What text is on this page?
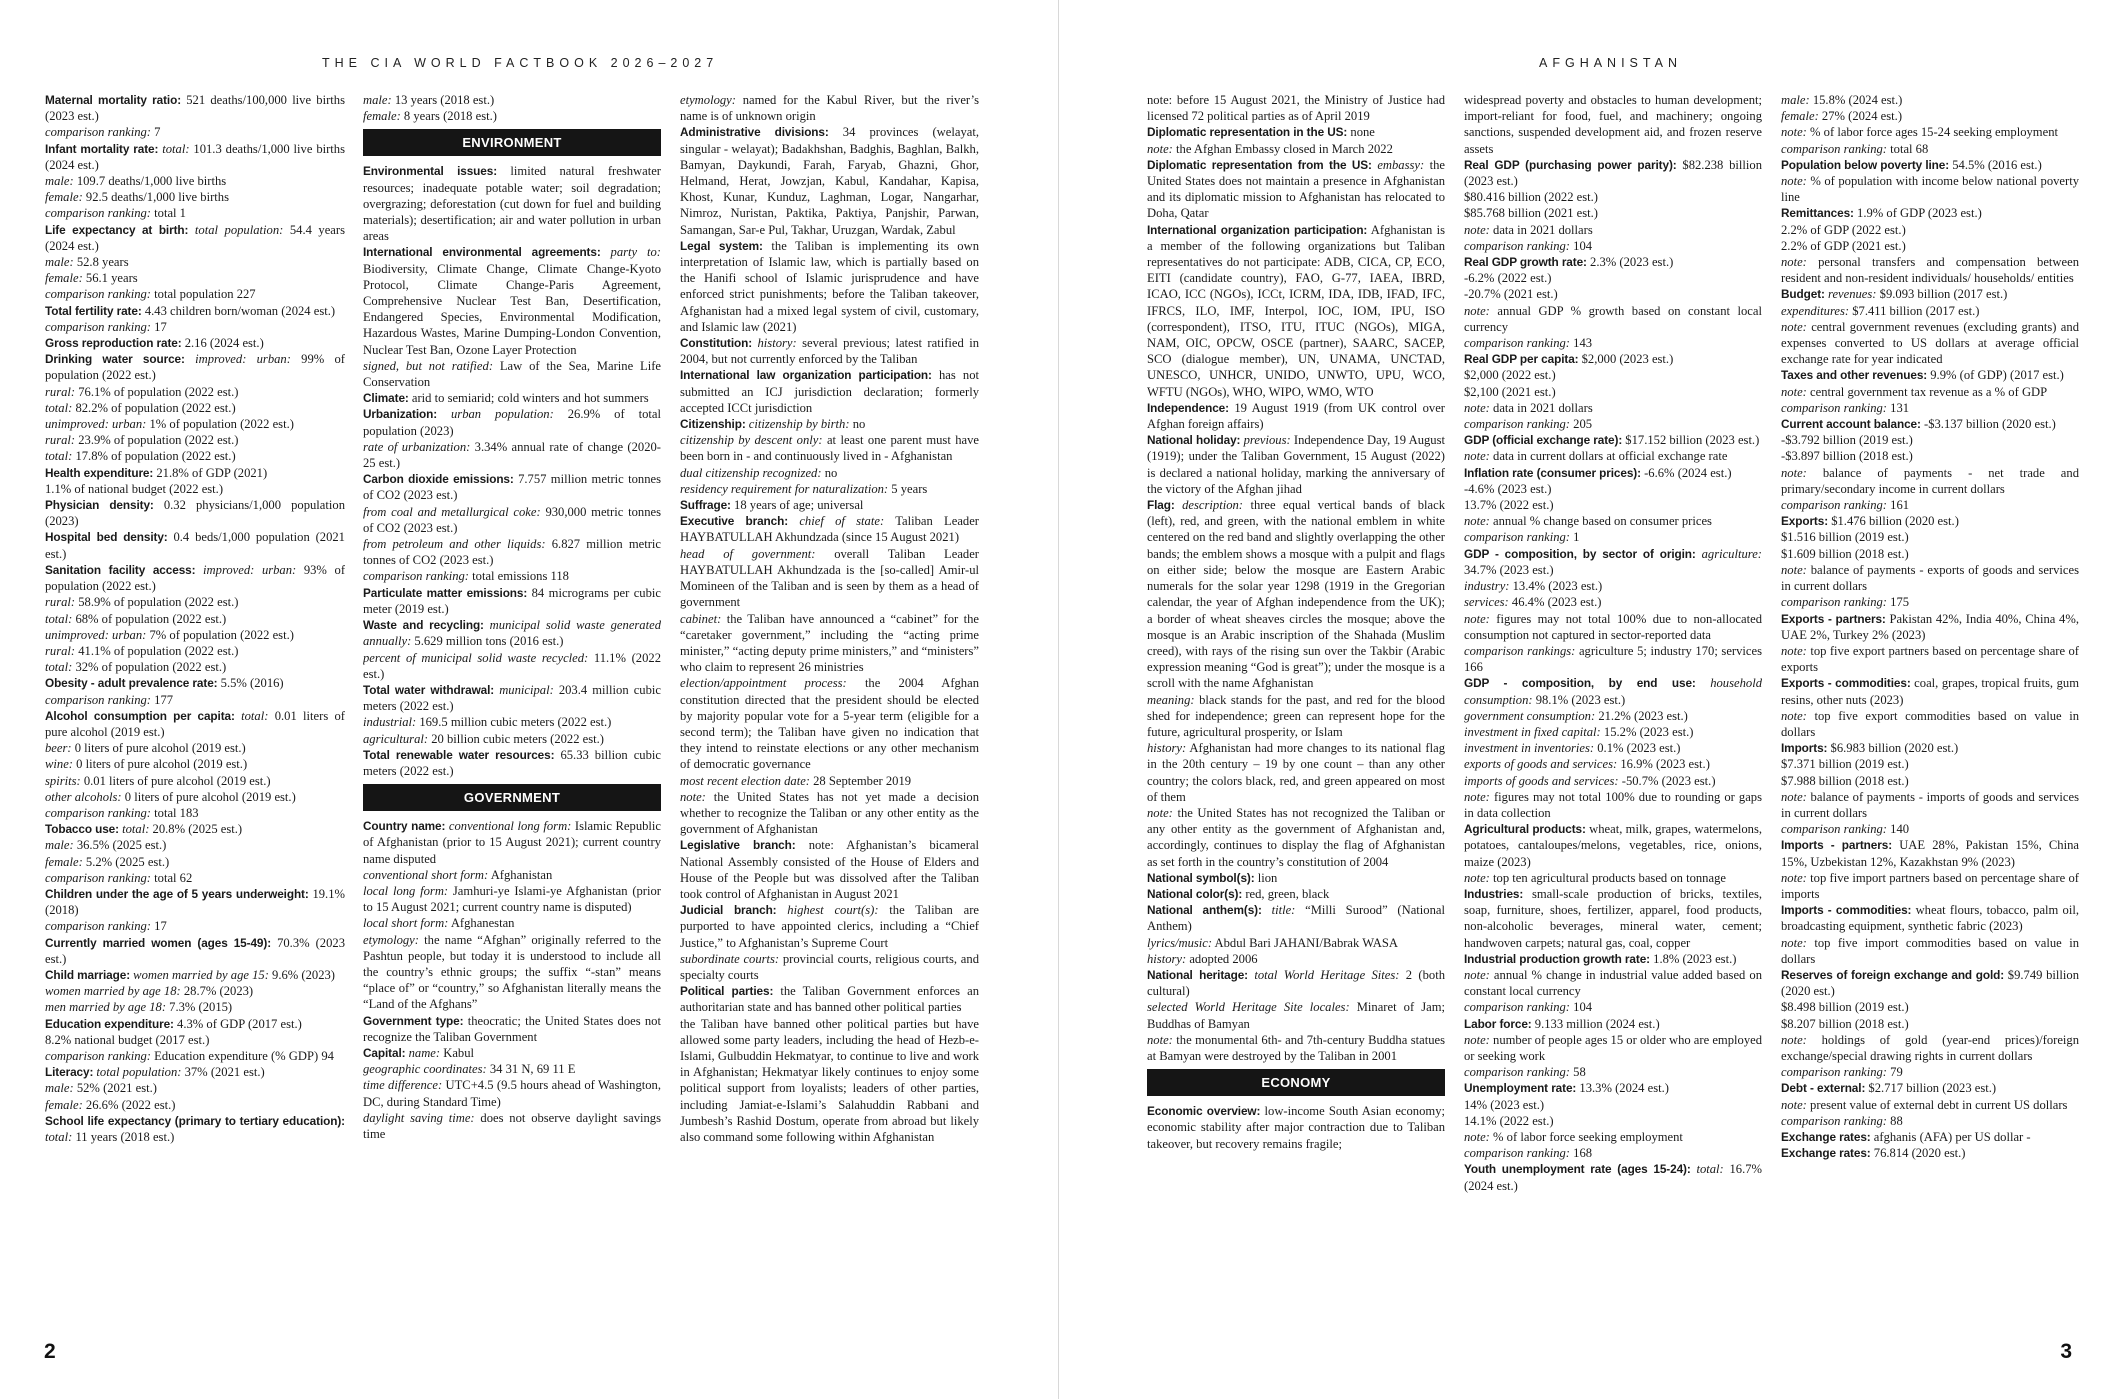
THE CIA WORLD FACTBOOK 2026–2027

Maternal mortality ratio: 521 deaths/100,000 live births (2023 est.)

comparison ranking: 7

Infant mortality rate: total: 101.3 deaths/1,000 live births (2024 est.)

male: 109.7 deaths/1,000 live births

female: 92.5 deaths/1,000 live births

comparison ranking: total 1

Life expectancy at birth: total population: 54.4 years (2024 est.)

male: 52.8 years

female: 56.1 years

comparison ranking: total population 227

Total fertility rate: 4.43 children born/woman (2024 est.)

comparison ranking: 17

Gross reproduction rate: 2.16 (2024 est.)

Drinking water source: improved: urban: 99% of population (2022 est.)

rural: 76.1% of population (2022 est.)

total: 82.2% of population (2022 est.)

unimproved: urban: 1% of population (2022 est.)

rural: 23.9% of population (2022 est.)

total: 17.8% of population (2022 est.)

Health expenditure: 21.8% of GDP (2021)

1.1% of national budget (2022 est.)

Physician density: 0.32 physicians/1,000 population (2023)

Hospital bed density: 0.4 beds/1,000 population (2021 est.)

Sanitation facility access: improved: urban: 93% of population (2022 est.)

rural: 58.9% of population (2022 est.)

total: 68% of population (2022 est.)

unimproved: urban: 7% of population (2022 est.)

rural: 41.1% of population (2022 est.)

total: 32% of population (2022 est.)

Obesity - adult prevalence rate: 5.5% (2016)

comparison ranking: 177

Alcohol consumption per capita: total: 0.01 liters of pure alcohol (2019 est.)

beer: 0 liters of pure alcohol (2019 est.)

wine: 0 liters of pure alcohol (2019 est.)

spirits: 0.01 liters of pure alcohol (2019 est.)

other alcohols: 0 liters of pure alcohol (2019 est.)

comparison ranking: total 183

Tobacco use: total: 20.8% (2025 est.)

male: 36.5% (2025 est.)

female: 5.2% (2025 est.)

comparison ranking: total 62

Children under the age of 5 years underweight: 19.1% (2018)

comparison ranking: 17

Currently married women (ages 15-49): 70.3% (2023 est.)

Child marriage: women married by age 15: 9.6% (2023)

women married by age 18: 28.7% (2023)

men married by age 18: 7.3% (2015)

Education expenditure: 4.3% of GDP (2017 est.)

8.2% national budget (2017 est.)

comparison ranking: Education expenditure (% GDP) 94

Literacy: total population: 37% (2021 est.)

male: 52% (2021 est.)

female: 26.6% (2022 est.)

School life expectancy (primary to tertiary education): total: 11 years (2018 est.)

male: 13 years (2018 est.)

female: 8 years (2018 est.)

ENVIRONMENT

Environmental issues: limited natural freshwater resources; inadequate potable water; soil degradation; overgrazing; deforestation (cut down for fuel and building materials); desertification; air and water pollution in urban areas

International environmental agreements: party to: Biodiversity, Climate Change, Climate Change-Kyoto Protocol, Climate Change-Paris Agreement, Comprehensive Nuclear Test Ban, Desertification, Endangered Species, Environmental Modification, Hazardous Wastes, Marine Dumping-London Convention, Nuclear Test Ban, Ozone Layer Protection

signed, but not ratified: Law of the Sea, Marine Life Conservation

Climate: arid to semiarid; cold winters and hot summers

Urbanization: urban population: 26.9% of total population (2023)

rate of urbanization: 3.34% annual rate of change (2020-25 est.)

Carbon dioxide emissions: 7.757 million metric tonnes of CO2 (2023 est.)

from coal and metallurgical coke: 930,000 metric tonnes of CO2 (2023 est.)

from petroleum and other liquids: 6.827 million metric tonnes of CO2 (2023 est.)

comparison ranking: total emissions 118

Particulate matter emissions: 84 micrograms per cubic meter (2019 est.)

Waste and recycling: municipal solid waste generated annually: 5.629 million tons (2016 est.)

percent of municipal solid waste recycled: 11.1% (2022 est.)

Total water withdrawal: municipal: 203.4 million cubic meters (2022 est.)

industrial: 169.5 million cubic meters (2022 est.)

agricultural: 20 billion cubic meters (2022 est.)

Total renewable water resources: 65.33 billion cubic meters (2022 est.)

GOVERNMENT

Country name: conventional long form: Islamic Republic of Afghanistan (prior to 15 August 2021); current country name disputed

conventional short form: Afghanistan

local long form: Jamhuri-ye Islami-ye Afghanistan (prior to 15 August 2021; current country name is disputed)

local short form: Afghanestan

etymology: the name “Afghan” originally referred to the Pashtun people, but today it is understood to include all the country’s ethnic groups; the suffix “-stan” means “place of” or “country,” so Afghanistan literally means the “Land of the Afghans”

Government type: theocratic; the United States does not recognize the Taliban Government

Capital: name: Kabul

geographic coordinates: 34 31 N, 69 11 E

time difference: UTC+4.5 (9.5 hours ahead of Washington, DC, during Standard Time)

daylight saving time: does not observe daylight savings time

etymology: named for the Kabul River, but the river’s name is of unknown origin

Administrative divisions: 34 provinces (welayat, singular - welayat); Badakhshan, Badghis, Baghlan, Balkh, Bamyan, Daykundi, Farah, Faryab, Ghazni, Ghor, Helmand, Herat, Jowzjan, Kabul, Kandahar, Kapisa, Khost, Kunar, Kunduz, Laghman, Logar, Nangarhar, Nimroz, Nuristan, Paktika, Paktiya, Panjshir, Parwan, Samangan, Sar-e Pul, Takhar, Uruzgan, Wardak, Zabul

Legal system: the Taliban is implementing its own interpretation of Islamic law, which is partially based on the Hanifi school of Islamic jurisprudence and have enforced strict punishments; before the Taliban takeover, Afghanistan had a mixed legal system of civil, customary, and Islamic law (2021)

Constitution: history: several previous; latest ratified in 2004, but not currently enforced by the Taliban

International law organization participation: has not submitted an ICJ jurisdiction declaration; formerly accepted ICCt jurisdiction

Citizenship: citizenship by birth: no

citizenship by descent only: at least one parent must have been born in - and continuously lived in - Afghanistan

dual citizenship recognized: no

residency requirement for naturalization: 5 years

Suffrage: 18 years of age; universal

Executive branch: chief of state: Taliban Leader HAYBATULLAH Akhundzada (since 15 August 2021)

head of government: overall Taliban Leader HAYBATULLAH Akhundzada is the [so-called] Amir-ul Momineen of the Taliban and is seen by them as a head of government

cabinet: the Taliban have announced a “cabinet” for the “caretaker government,” including the “acting prime minister,” “acting deputy prime ministers,” and “ministers” who claim to represent 26 ministries

election/appointment process: the 2004 Afghan constitution directed that the president should be elected by majority popular vote for a 5-year term (eligible for a second term); the Taliban have given no indication that they intend to reinstate elections or any other mechanism of democratic governance

most recent election date: 28 September 2019

note: the United States has not yet made a decision whether to recognize the Taliban or any other entity as the government of Afghanistan

Legislative branch: note: Afghanistan’s bicameral National Assembly consisted of the House of Elders and House of the People but was dissolved after the Taliban took control of Afghanistan in August 2021

Judicial branch: highest court(s): the Taliban are purported to have appointed clerics, including a “Chief Justice,” to Afghanistan’s Supreme Court

subordinate courts: provincial courts, religious courts, and specialty courts

Political parties: the Taliban Government enforces an authoritarian state and has banned other political parties

the Taliban have banned other political parties but have allowed some party leaders, including the head of Hezb-e-Islami, Gulbuddin Hekmatyar, to continue to live and work in Afghanistan; Hekmatyar likely continues to enjoy some political support from loyalists; leaders of other parties, including Jamiat-e-Islami’s Salahuddin Rabbani and Jumbesh’s Rashid Dostum, operate from abroad but likely also command some following within Afghanistan

2
AFGHANISTAN

note: before 15 August 2021, the Ministry of Justice had licensed 72 political parties as of April 2019

Diplomatic representation in the US: none

note: the Afghan Embassy closed in March 2022

Diplomatic representation from the US: embassy: the United States does not maintain a presence in Afghanistan and its diplomatic mission to Afghanistan has relocated to Doha, Qatar

International organization participation: Afghanistan is a member of the following organizations but Taliban representatives do not participate: ADB, CICA, CP, ECO, EITI (candidate country), FAO, G-77, IAEA, IBRD, ICAO, ICC (NGOs), ICCt, ICRM, IDA, IDB, IFAD, IFC, IFRCS, ILO, IMF, Interpol, IOC, IOM, IPU, ISO (correspondent), ITSO, ITU, ITUC (NGOs), MIGA, NAM, OIC, OPCW, OSCE (partner), SAARC, SACEP, SCO (dialogue member), UN, UNAMA, UNCTAD, UNESCO, UNHCR, UNIDO, UNWTO, UPU, WCO, WFTU (NGOs), WHO, WIPO, WMO, WTO

Independence: 19 August 1919 (from UK control over Afghan foreign affairs)

National holiday: previous: Independence Day, 19 August (1919); under the Taliban Government, 15 August (2022) is declared a national holiday, marking the anniversary of the victory of the Afghan jihad

Flag: description: three equal vertical bands of black (left), red, and green, with the national emblem in white centered on the red band and slightly overlapping the other bands; the emblem shows a mosque with a pulpit and flags on either side; below the mosque are Eastern Arabic numerals for the solar year 1298 (1919 in the Gregorian calendar, the year of Afghan independence from the UK); a border of wheat sheaves circles the mosque; above the mosque is an Arabic inscription of the Shahada (Muslim creed), with rays of the rising sun over the Takbir (Arabic expression meaning “God is great”); under the mosque is a scroll with the name Afghanistan

meaning: black stands for the past, and red for the blood shed for independence; green can represent hope for the future, agricultural prosperity, or Islam

history: Afghanistan had more changes to its national flag in the 20th century – 19 by one count – than any other country; the colors black, red, and green appeared on most of them

note: the United States has not recognized the Taliban or any other entity as the government of Afghanistan and, accordingly, continues to display the flag of Afghanistan as set forth in the country’s constitution of 2004

National symbol(s): lion

National color(s): red, green, black

National anthem(s): title: “Milli Surood” (National Anthem)

lyrics/music: Abdul Bari JAHANI/Babrak WASA

history: adopted 2006

National heritage: total World Heritage Sites: 2 (both cultural)

selected World Heritage Site locales: Minaret of Jam; Buddhas of Bamyan

note: the monumental 6th- and 7th-century Buddha statues at Bamyan were destroyed by the Taliban in 2001

ECONOMY

Economic overview: low-income South Asian economy; economic stability after major contraction due to Taliban takeover, but recovery remains fragile;

widespread poverty and obstacles to human development; import-reliant for food, fuel, and machinery; ongoing sanctions, suspended development aid, and frozen reserve assets

Real GDP (purchasing power parity): $82.238 billion (2023 est.)

$80.416 billion (2022 est.)

$85.768 billion (2021 est.)

note: data in 2021 dollars

comparison ranking: 104

Real GDP growth rate: 2.3% (2023 est.)

-6.2% (2022 est.)

-20.7% (2021 est.)

note: annual GDP % growth based on constant local currency

comparison ranking: 143

Real GDP per capita: $2,000 (2023 est.)

$2,000 (2022 est.)

$2,100 (2021 est.)

note: data in 2021 dollars

comparison ranking: 205

GDP (official exchange rate): $17.152 billion (2023 est.)

note: data in current dollars at official exchange rate

Inflation rate (consumer prices): -6.6% (2024 est.)

-4.6% (2023 est.)

13.7% (2022 est.)

note: annual % change based on consumer prices

comparison ranking: 1

GDP - composition, by sector of origin: agriculture: 34.7% (2023 est.)

industry: 13.4% (2023 est.)

services: 46.4% (2023 est.)

note: figures may not total 100% due to non-allocated consumption not captured in sector-reported data

comparison rankings: agriculture 5; industry 170; services 166

GDP - composition, by end use: household consumption: 98.1% (2023 est.)

government consumption: 21.2% (2023 est.)

investment in fixed capital: 15.2% (2023 est.)

investment in inventories: 0.1% (2023 est.)

exports of goods and services: 16.9% (2023 est.)

imports of goods and services: -50.7% (2023 est.)

note: figures may not total 100% due to rounding or gaps in data collection

Agricultural products: wheat, milk, grapes, watermelons, potatoes, cantaloupes/melons, vegetables, rice, onions, maize (2023)

note: top ten agricultural products based on tonnage

Industries: small-scale production of bricks, textiles, soap, furniture, shoes, fertilizer, apparel, food products, non-alcoholic beverages, mineral water, cement; handwoven carpets; natural gas, coal, copper

Industrial production growth rate: 1.8% (2023 est.)

note: annual % change in industrial value added based on constant local currency

comparison ranking: 104

Labor force: 9.133 million (2024 est.)

note: number of people ages 15 or older who are employed or seeking work

comparison ranking: 58

Unemployment rate: 13.3% (2024 est.)

14% (2023 est.)

14.1% (2022 est.)

note: % of labor force seeking employment

comparison ranking: 168

Youth unemployment rate (ages 15-24): total: 16.7% (2024 est.)

male: 15.8% (2024 est.)

female: 27% (2024 est.)

note: % of labor force ages 15-24 seeking employment

comparison ranking: total 68

Population below poverty line: 54.5% (2016 est.)

note: % of population with income below national poverty line

Remittances: 1.9% of GDP (2023 est.)

2.2% of GDP (2022 est.)

2.2% of GDP (2021 est.)

note: personal transfers and compensation between resident and non-resident individuals/ households/ entities

Budget: revenues: $9.093 billion (2017 est.)

expenditures: $7.411 billion (2017 est.)

note: central government revenues (excluding grants) and expenses converted to US dollars at average official exchange rate for year indicated

Taxes and other revenues: 9.9% (of GDP) (2017 est.)

note: central government tax revenue as a % of GDP

comparison ranking: 131

Current account balance: -$3.137 billion (2020 est.)

-$3.792 billion (2019 est.)

-$3.897 billion (2018 est.)

note: balance of payments - net trade and primary/secondary income in current dollars

comparison ranking: 161

Exports: $1.476 billion (2020 est.)

$1.516 billion (2019 est.)

$1.609 billion (2018 est.)

note: balance of payments - exports of goods and services in current dollars

comparison ranking: 175

Exports - partners: Pakistan 42%, India 40%, China 4%, UAE 2%, Turkey 2% (2023)

note: top five export partners based on percentage share of exports

Exports - commodities: coal, grapes, tropical fruits, gum resins, other nuts (2023)

note: top five export commodities based on value in dollars

Imports: $6.983 billion (2020 est.)

$7.371 billion (2019 est.)

$7.988 billion (2018 est.)

note: balance of payments - imports of goods and services in current dollars

comparison ranking: 140

Imports - partners: UAE 28%, Pakistan 15%, China 15%, Uzbekistan 12%, Kazakhstan 9% (2023)

note: top five import partners based on percentage share of imports

Imports - commodities: wheat flours, tobacco, palm oil, broadcasting equipment, synthetic fabric (2023)

note: top five import commodities based on value in dollars

Reserves of foreign exchange and gold: $9.749 billion (2020 est.)

$8.498 billion (2019 est.)

$8.207 billion (2018 est.)

note: holdings of gold (year-end prices)/foreign exchange/special drawing rights in current dollars

comparison ranking: 79

Debt - external: $2.717 billion (2023 est.)

note: present value of external debt in current US dollars

comparison ranking: 88

Exchange rates: afghanis (AFA) per US dollar -

Exchange rates: 76.814 (2020 est.)

3
